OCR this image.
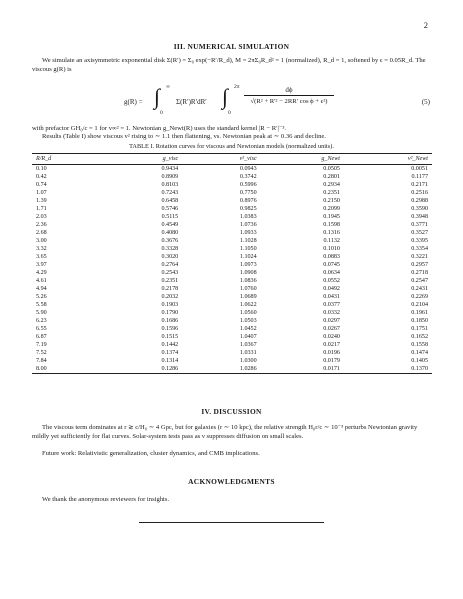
2
III. NUMERICAL SIMULATION
We simulate an axisymmetric exponential disk Σ(R′) = Σ₀ exp(−R′/R_d), M = 2πΣ₀R_d² = 1 (normalized), R_d = 1, softened by ϵ = 0.05R_d. The viscous g(R) is
g(R) = ∫ ∞
0
Σ(R′)R′dR′ ∫ 2π
0
$\frac{d\phi}{\text{√(R² + R′² − 2RR′ cos ϕ + ϵ²)}}$	(5)
with prefactor GH₀/c = 1 for v∞² = 1. Newtonian g_Newt(R) uses the standard kernel |R − R′|⁻³.
Results (Table I) show viscous v² rising to ∼ 1.1 then flattening, vs. Newtonian peak at ∼ 0.36 and decline.
TABLE I. Rotation curves for viscous and Newtonian models (normalized units).
R/R_d	g_visc	v²_visc	g_Newt	v²_Newt
0.10	0.9434	0.0943	0.0505	0.0051
0.42	0.8909	0.3742	0.2801	0.1177
0.74	0.8103	0.5996	0.2934	0.2171
1.07	0.7243	0.7750	0.2351	0.2516
1.39	0.6458	0.8976	0.2150	0.2988
1.71	0.5746	0.9825	0.2099	0.3590
2.03	0.5115	1.0383	0.1945	0.3948
2.36	0.4549	1.0736	0.1598	0.3771
2.68	0.4080	1.0933	0.1316	0.3527
3.00	0.3676	1.1028	0.1132	0.3395
3.32	0.3328	1.1050	0.1010	0.3354
3.65	0.3020	1.1024	0.0883	0.3221
3.97	0.2764	1.0973	0.0745	0.2957
4.29	0.2543	1.0908	0.0634	0.2718
4.61	0.2351	1.0836	0.0552	0.2547
4.94	0.2178	1.0760	0.0492	0.2431
5.26	0.2032	1.0689	0.0431	0.2269
5.58	0.1903	1.0622	0.0377	0.2104
5.90	0.1790	1.0560	0.0332	0.1961
6.23	0.1686	1.0503	0.0297	0.1850
6.55	0.1596	1.0452	0.0267	0.1751
6.87	0.1515	1.0407	0.0240	0.1652
7.19	0.1442	1.0367	0.0217	0.1558
7.52	0.1374	1.0331	0.0196	0.1474
7.84	0.1314	1.0300	0.0179	0.1405
8.00	0.1286	1.0286	0.0171	0.1370
IV. DISCUSSION
The viscous term dominates at r ≳ c/H₀ ∼ 4 Gpc, but for galaxies (r ∼ 10 kpc), the relative strength H₀r/c ∼ 10⁻³ perturbs Newtonian gravity mildly yet sufficiently for flat curves. Solar-system tests pass as ν suppresses diffusion on small scales.
Future work: Relativistic generalization, cluster dynamics, and CMB implications.
ACKNOWLEDGMENTS
We thank the anonymous reviewers for insights.
